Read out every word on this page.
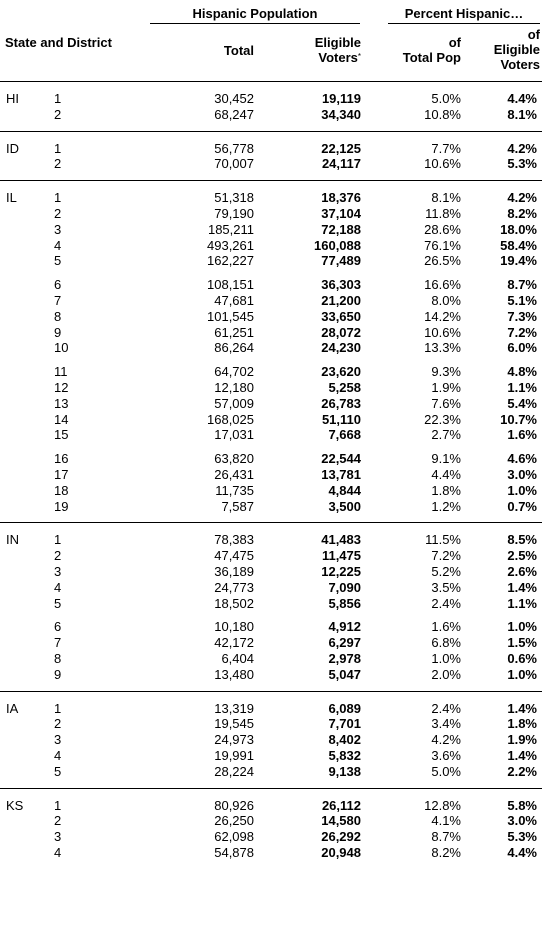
Hispanic Population	Percent Hispanic…
State and District
Total
Eligible
Voters*
of
Total Pop
of
Eligible
Voters
HI	1	30,452	19,119	5.0%	4.4%
2	68,247	34,340	10.8%	8.1%
ID	1	56,778	22,125	7.7%	4.2%
2	70,007	24,117	10.6%	5.3%
IL	1	51,318	18,376	8.1%	4.2%
2	79,190	37,104	11.8%	8.2%
3	185,211	72,188	28.6%	18.0%
4	493,261	160,088	76.1%	58.4%
5	162,227	77,489	26.5%	19.4%
6	108,151	36,303	16.6%	8.7%
7	47,681	21,200	8.0%	5.1%
8	101,545	33,650	14.2%	7.3%
9	61,251	28,072	10.6%	7.2%
10	86,264	24,230	13.3%	6.0%
11	64,702	23,620	9.3%	4.8%
12	12,180	5,258	1.9%	1.1%
13	57,009	26,783	7.6%	5.4%
14	168,025	51,110	22.3%	10.7%
15	17,031	7,668	2.7%	1.6%
16	63,820	22,544	9.1%	4.6%
17	26,431	13,781	4.4%	3.0%
18	11,735	4,844	1.8%	1.0%
19	7,587	3,500	1.2%	0.7%
IN	1	78,383	41,483	11.5%	8.5%
2	47,475	11,475	7.2%	2.5%
3	36,189	12,225	5.2%	2.6%
4	24,773	7,090	3.5%	1.4%
5	18,502	5,856	2.4%	1.1%
6	10,180	4,912	1.6%	1.0%
7	42,172	6,297	6.8%	1.5%
8	6,404	2,978	1.0%	0.6%
9	13,480	5,047	2.0%	1.0%
IA	1	13,319	6,089	2.4%	1.4%
2	19,545	7,701	3.4%	1.8%
3	24,973	8,402	4.2%	1.9%
4	19,991	5,832	3.6%	1.4%
5	28,224	9,138	5.0%	2.2%
KS 1	80,926	26,112	12.8%	5.8%
2	26,250	14,580	4.1%	3.0%
3	62,098	26,292	8.7%	5.3%
4	54,878	20,948	8.2%	4.4%
